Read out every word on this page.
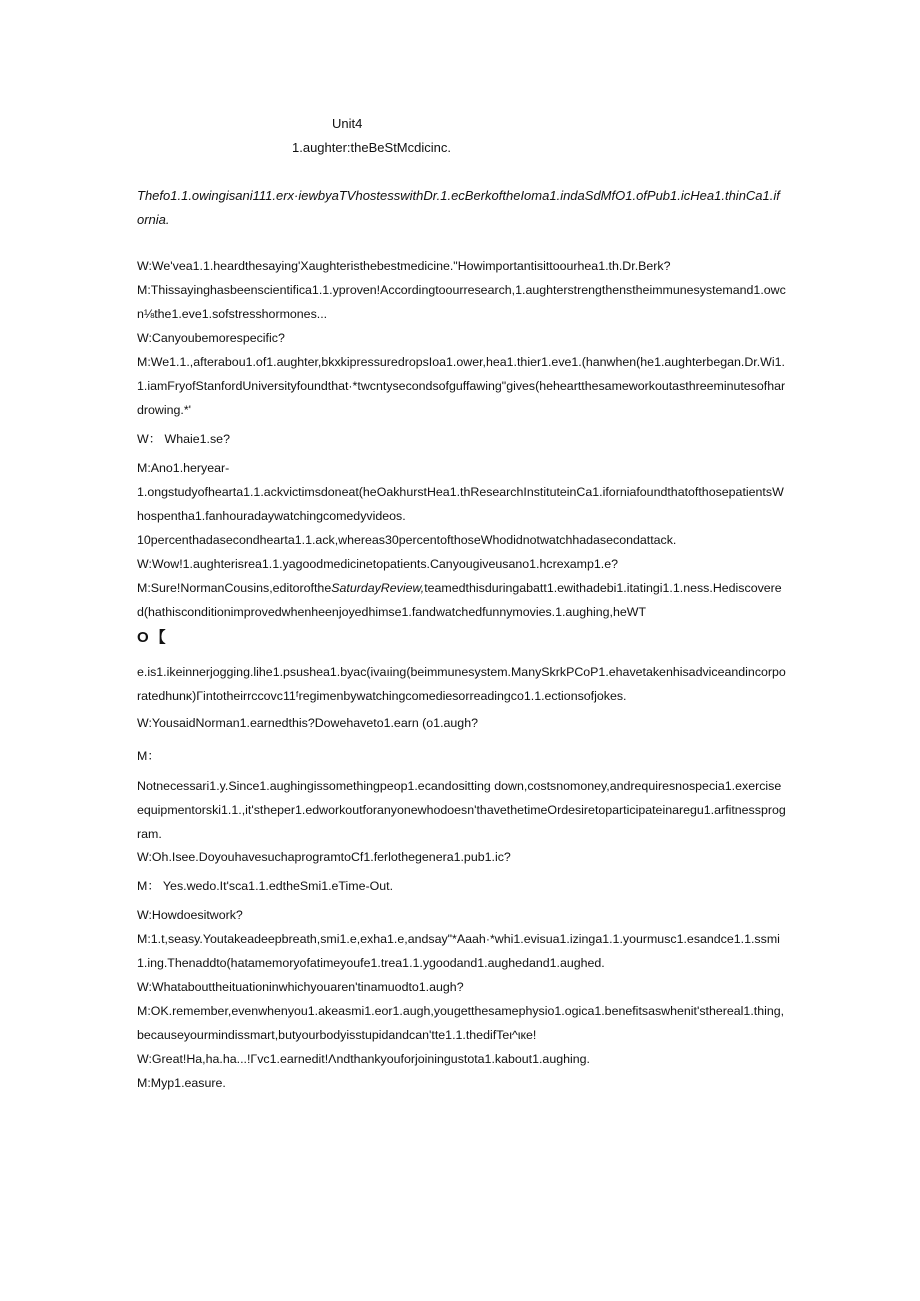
Unit4
1.aughter:theBeStMcdicinc.
Thefo1.1.owingisani111.erx·iewbyaTVhostesswithDr.1.ecBerkoftheIoma1.indaSdMfO1.ofPub1.icHea1.thinCa1.ifornia.
W:We'vea1.1.heardthesaying'Xaughteristhebestmedicine."Howimportantisittoourhea1.th.Dr.Berk?
M:Thissayinghasbeenscientifica1.1.yproven!Accordingtoourresearch,1.aughterstrengthenstheimmunesystemand1.owcn⅛the1.eve1.sofstresshormones...
W:Canyoubemorespecific?
M:We1.1.,afterabou1.of1.aughter,bkxkipressuredropsIoa1.ower,hea1.thier1.eve1.(hanwhen(he1.aughterbegan.Dr.Wi1.1.iamFryofStanfordUniversityfoundthat·*twcntysecondsofguffawing"gives(heheartthesameworkoutasthreeminutesofhardrowing.*'
W： Whaie1.se?
M:Ano1.heryear-
1.ongstudyofhearta1.1.ackvictimsdoneat(heOakhurstHea1.thResearchInstituteinCa1.iforniafoundthatofthosepatientsWhospentha1.fanhouradaywatchingcomedyvideos.
10percenthadasecondhearta1.1.ack,whereas30percentofthoseWhodidnotwatchhadasecondattack.
W:Wow!1.aughterisrea1.1.yagoodmedicinetopatients.Canyougiveusano1.hcrexamp1.e?
M:Sure!NormanCousins,editoroftheSaturdayReview,teamedthisduringabatt1.ewithadebi1.itatingi1.1.ness.Hediscovered(hathisconditionimprovedwhenheenjoyedhimse1.fandwatchedfunnymovies.1.aughing,heWT
O【
e.is1.ikeinnerjogging.lihe1.psushea1.byac(ivaıing(beimmunesystem.ManySkrkPCoP1.ehavetakenhisadviceandincorporatedhunκ)Γintotheirrccovc11ᶠregimenbywatchingcomediesorreadingco1.1.ectionsofjokes.
W:YousaidNorman1.earnedthis?Dowehaveto1.earn (o1.augh?
M：
Notnecessari1.y.Since1.aughingissomethingpeop1.ecandositting down,costsnomoney,andrequiresnospecia1.exerciseequipmentorski1.1.,it'stheper1.edworkoutforanyonewhodoesn'thavethetimeOrdesiretoparticipateinaregu1.arfitnessprogram.
W:Oh.Isee.DoyouhavesuchaprogramtoCf1.ferlothegenera1.pub1.ic?
M： Yes.wedo.It'sca1.1.edtheSmi1.eTime-Out.
W:Howdoesitwork?
M:1.t,seasy.Youtakeadeepbreath,smi1.e,exha1.e,andsay"*Aaah·*whi1.evisua1.izinga1.1.yourmusc1.esandce1.1.ssmi1.ing.Thenaddto(hatamemoryofatimeyoufe1.trea1.1.ygoodand1.aughedand1.aughed.
W:Whatabouttheituationinwhichyouaren'tinamuodto1.augh?
M:OK.remember,evenwhenyou1.akeasmi1.eor1.augh,yougetthesamephysio1.ogica1.benefitsaswhenit'sthereal1.thing,becauseyourmindissmart,butyourbodyisstupidandcan'tte1.1.thedifTeι^ιкe!
W:Great!Ha,ha.ha...!Γvc1.earnedit!Λndthankyouforjoiningustota1.kabout1.aughing.
M:Myp1.easure.
